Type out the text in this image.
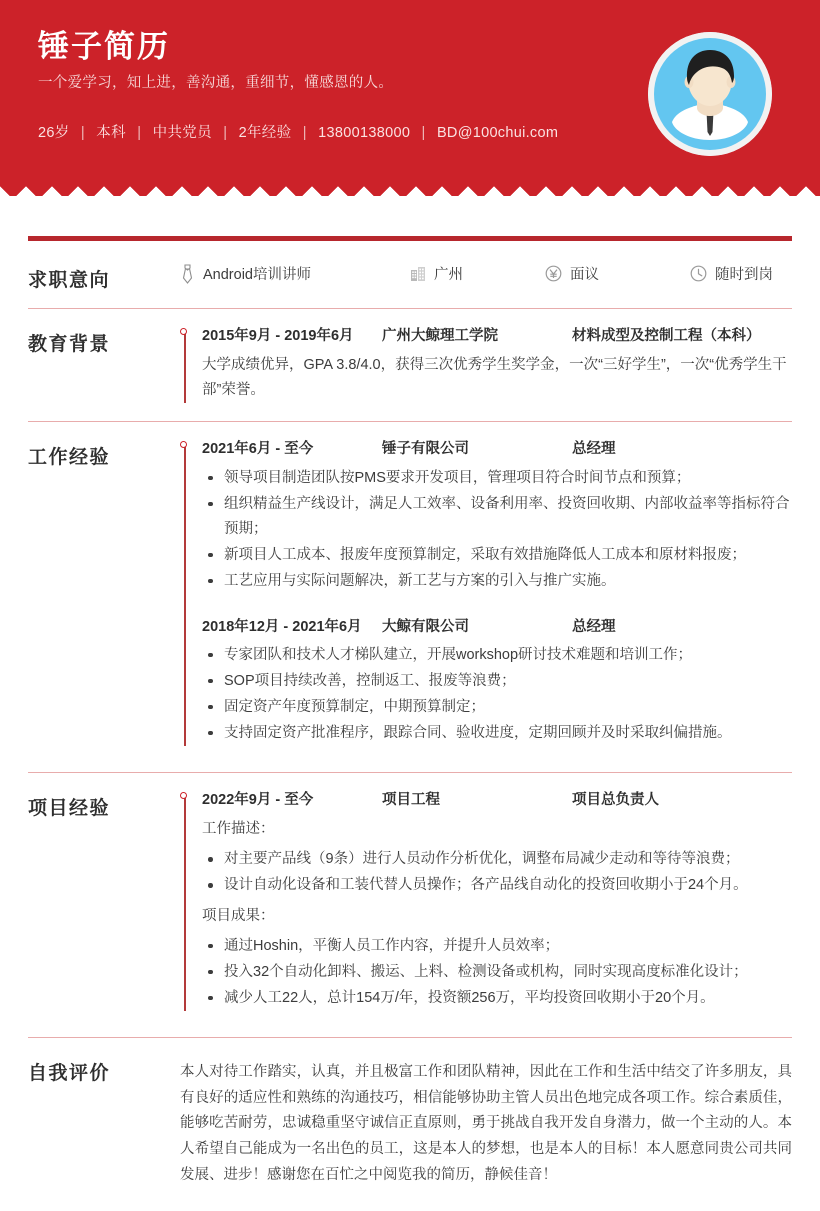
锤子简历
一个爱学习，知上进，善沟通，重细节，懂感恩的人。
26岁 | 本科 | 中共党员 | 2年经验 | 13800138000 | BD@100chui.com
求职意向	Android培训讲师	广州	面议	随时到岗
教育背景	2015年9月 - 2019年6月	广州大鲸理工学院	材料成型及控制工程（本科）

大学成绩优异，GPA 3.8/4.0，获得三次优秀学生奖学金，一次“三好学生”，一次“优秀学生干部”荣誉。

工作经验	2021年6月 - 至今	锤子有限公司	总经理
领导项目制造团队按PMS要求开发项目，管理项目符合时间节点和预算；
组织精益生产线设计，满足人工效率、设备利用率、投资回收期、内部收益率等指标符合预期；
新项目人工成本、报废年度预算制定，采取有效措施降低人工成本和原材料报废；
工艺应用与实际问题解决，新工艺与方案的引入与推广实施。
2018年12月 - 2021年6月	大鲸有限公司	总经理
专家团队和技术人才梯队建立，开展workshop研讨技术难题和培训工作；
SOP项目持续改善，控制返工、报废等浪费；
固定资产年度预算制定，中期预算制定；
支持固定资产批准程序，跟踪合同、验收进度，定期回顾并及时采取纠偏措施。
项目经验	2022年9月 - 至今	项目工程	项目总负责人

工作描述：

对主要产品线（9条）进行人员动作分析优化，调整布局减少走动和等待等浪费；
设计自动化设备和工装代替人员操作；各产品线自动化的投资回收期小于24个月。

项目成果：

通过Hoshin，平衡人员工作内容，并提升人员效率；
投入32个自动化卸料、搬运、上料、检测设备或机构，同时实现高度标准化设计；
减少人工22人，总计154万/年，投资额256万，平均投资回收期小于20个月。
自我评价	本人对待工作踏实，认真，并且极富工作和团队精神，因此在工作和生活中结交了许多朋友，具有良好的适应性和熟练的沟通技巧，相信能够协助主管人员出色地完成各项工作。综合素质佳，能够吃苦耐劳，忠诚稳重坚守诚信正直原则，勇于挑战自我开发自身潜力，做一个主动的人。本人希望自己能成为一名出色的员工，这是本人的梦想，也是本人的目标！本人愿意同贵公司共同发展、进步！感谢您在百忙之中阅览我的简历，静候佳音！
